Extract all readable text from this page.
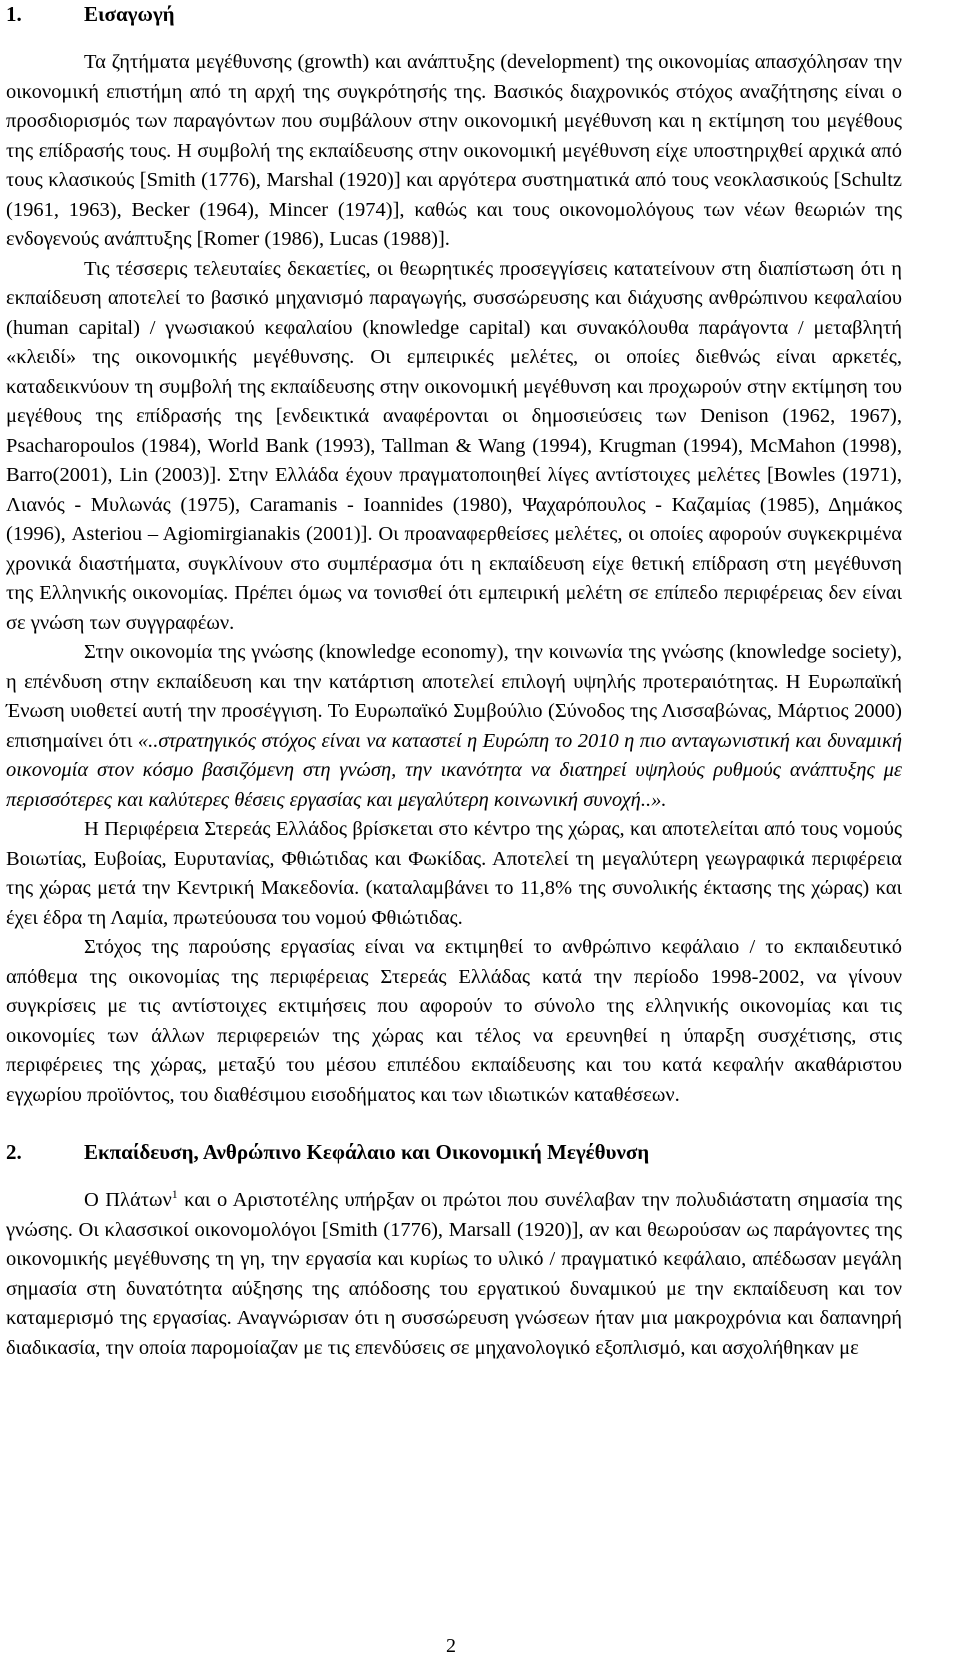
1.	Εισαγωγή

Τα ζητήματα μεγέθυνσης (growth) και ανάπτυξης (development) της οικονομίας απασχόλησαν την οικονομική επιστήμη από τη αρχή της συγκρότησής της. Βασικός διαχρονικός στόχος αναζήτησης είναι ο προσδιορισμός των παραγόντων που συμβάλουν στην οικονομική μεγέθυνση και η εκτίμηση του μεγέθους της επίδρασής τους. Η συμβολή της εκπαίδευσης στην οικονομική μεγέθυνση είχε υποστηριχθεί αρχικά από τους κλασικούς [Smith (1776), Marshal (1920)] και αργότερα συστηματικά από τους νεοκλασικούς [Schultz (1961, 1963), Becker (1964), Mincer (1974)], καθώς και τους οικονομολόγους των νέων θεωριών της ενδογενούς ανάπτυξης [Romer (1986), Lucas (1988)].

Τις τέσσερις τελευταίες δεκαετίες, οι θεωρητικές προσεγγίσεις κατατείνουν στη διαπίστωση ότι η εκπαίδευση αποτελεί το βασικό μηχανισμό παραγωγής, συσσώρευσης και διάχυσης ανθρώπινου κεφαλαίου (human capital) / γνωσιακού κεφαλαίου (knowledge capital) και συνακόλουθα παράγοντα / μεταβλητή «κλειδί» της οικονομικής μεγέθυνσης. Οι εμπειρικές μελέτες, οι οποίες διεθνώς είναι αρκετές, καταδεικνύουν τη συμβολή της εκπαίδευσης στην οικονομική μεγέθυνση και προχωρούν στην εκτίμηση του μεγέθους της επίδρασής της [ενδεικτικά αναφέρονται οι δημοσιεύσεις των Denison (1962, 1967), Psacharopoulos (1984), World Bank (1993), Tallman & Wang (1994), Krugman (1994), McMahon (1998), Barro(2001), Lin (2003)]. Στην Ελλάδα έχουν πραγματοποιηθεί λίγες αντίστοιχες μελέτες [Bowles (1971), Λιανός - Μυλωνάς (1975), Caramanis - Ioannides (1980), Ψαχαρόπουλος - Καζαμίας (1985), Δημάκος (1996), Asteriou – Agiomirgianakis (2001)]. Οι προαναφερθείσες μελέτες, οι οποίες αφορούν συγκεκριμένα χρονικά διαστήματα, συγκλίνουν στο συμπέρασμα ότι η εκπαίδευση είχε θετική επίδραση στη μεγέθυνση της Ελληνικής οικονομίας. Πρέπει όμως να τονισθεί ότι εμπειρική μελέτη σε επίπεδο περιφέρειας δεν είναι σε γνώση των συγγραφέων.

Στην οικονομία της γνώσης (knowledge economy), την κοινωνία της γνώσης (knowledge society), η επένδυση στην εκπαίδευση και την κατάρτιση αποτελεί επιλογή υψηλής προτεραιότητας. Η Ευρωπαϊκή Ένωση υιοθετεί αυτή την προσέγγιση. Το Ευρωπαϊκό Συμβούλιο (Σύνοδος της Λισσαβώνας, Μάρτιος 2000) επισημαίνει ότι «..στρατηγικός στόχος είναι να καταστεί η Ευρώπη το 2010 η πιο ανταγωνιστική και δυναμική οικονομία στον κόσμο βασιζόμενη στη γνώση, την ικανότητα να διατηρεί υψηλούς ρυθμούς ανάπτυξης με περισσότερες και καλύτερες θέσεις εργασίας και μεγαλύτερη κοινωνική συνοχή..».

Η Περιφέρεια Στερεάς Ελλάδος βρίσκεται στο κέντρο της χώρας, και αποτελείται από τους νομούς Βοιωτίας, Ευβοίας, Ευρυτανίας, Φθιώτιδας και Φωκίδας. Αποτελεί τη μεγαλύτερη γεωγραφικά περιφέρεια της χώρας μετά την Κεντρική Μακεδονία. (καταλαμβάνει το 11,8% της συνολικής έκτασης της χώρας) και έχει έδρα τη Λαμία, πρωτεύουσα του νομού Φθιώτιδας.

Στόχος της παρούσης εργασίας είναι να εκτιμηθεί το ανθρώπινο κεφάλαιο / το εκπαιδευτικό απόθεμα της οικονομίας της περιφέρειας Στερεάς Ελλάδας κατά την περίοδο 1998-2002, να γίνουν συγκρίσεις με τις αντίστοιχες εκτιμήσεις που αφορούν το σύνολο της ελληνικής οικονομίας και τις οικονομίες των άλλων περιφερειών της χώρας και τέλος να ερευνηθεί η ύπαρξη συσχέτισης, στις περιφέρειες της χώρας, μεταξύ του μέσου επιπέδου εκπαίδευσης και του κατά κεφαλήν ακαθάριστου εγχωρίου προϊόντος, του διαθέσιμου εισοδήματος και των ιδιωτικών καταθέσεων.

2.	Εκπαίδευση, Ανθρώπινο Κεφάλαιο και Οικονομική Μεγέθυνση

Ο Πλάτων$^1$ και ο Αριστοτέλης υπήρξαν οι πρώτοι που συνέλαβαν την πολυδιάστατη σημασία της γνώσης. Οι κλασσικοί οικονομολόγοι [Smith (1776), Marsall (1920)], αν και θεωρούσαν ως παράγοντες της οικονομικής μεγέθυνσης τη γη, την εργασία και κυρίως το υλικό / πραγματικό κεφάλαιο, απέδωσαν μεγάλη σημασία στη δυνατότητα αύξησης της απόδοσης του εργατικού δυναμικού με την εκπαίδευση και τον καταμερισμό της εργασίας. Αναγνώρισαν ότι η συσσώρευση γνώσεων ήταν μια μακροχρόνια και δαπανηρή διαδικασία, την οποία παρομοίαζαν με τις επενδύσεις σε μηχανολογικό εξοπλισμό, και ασχολήθηκαν με

2
